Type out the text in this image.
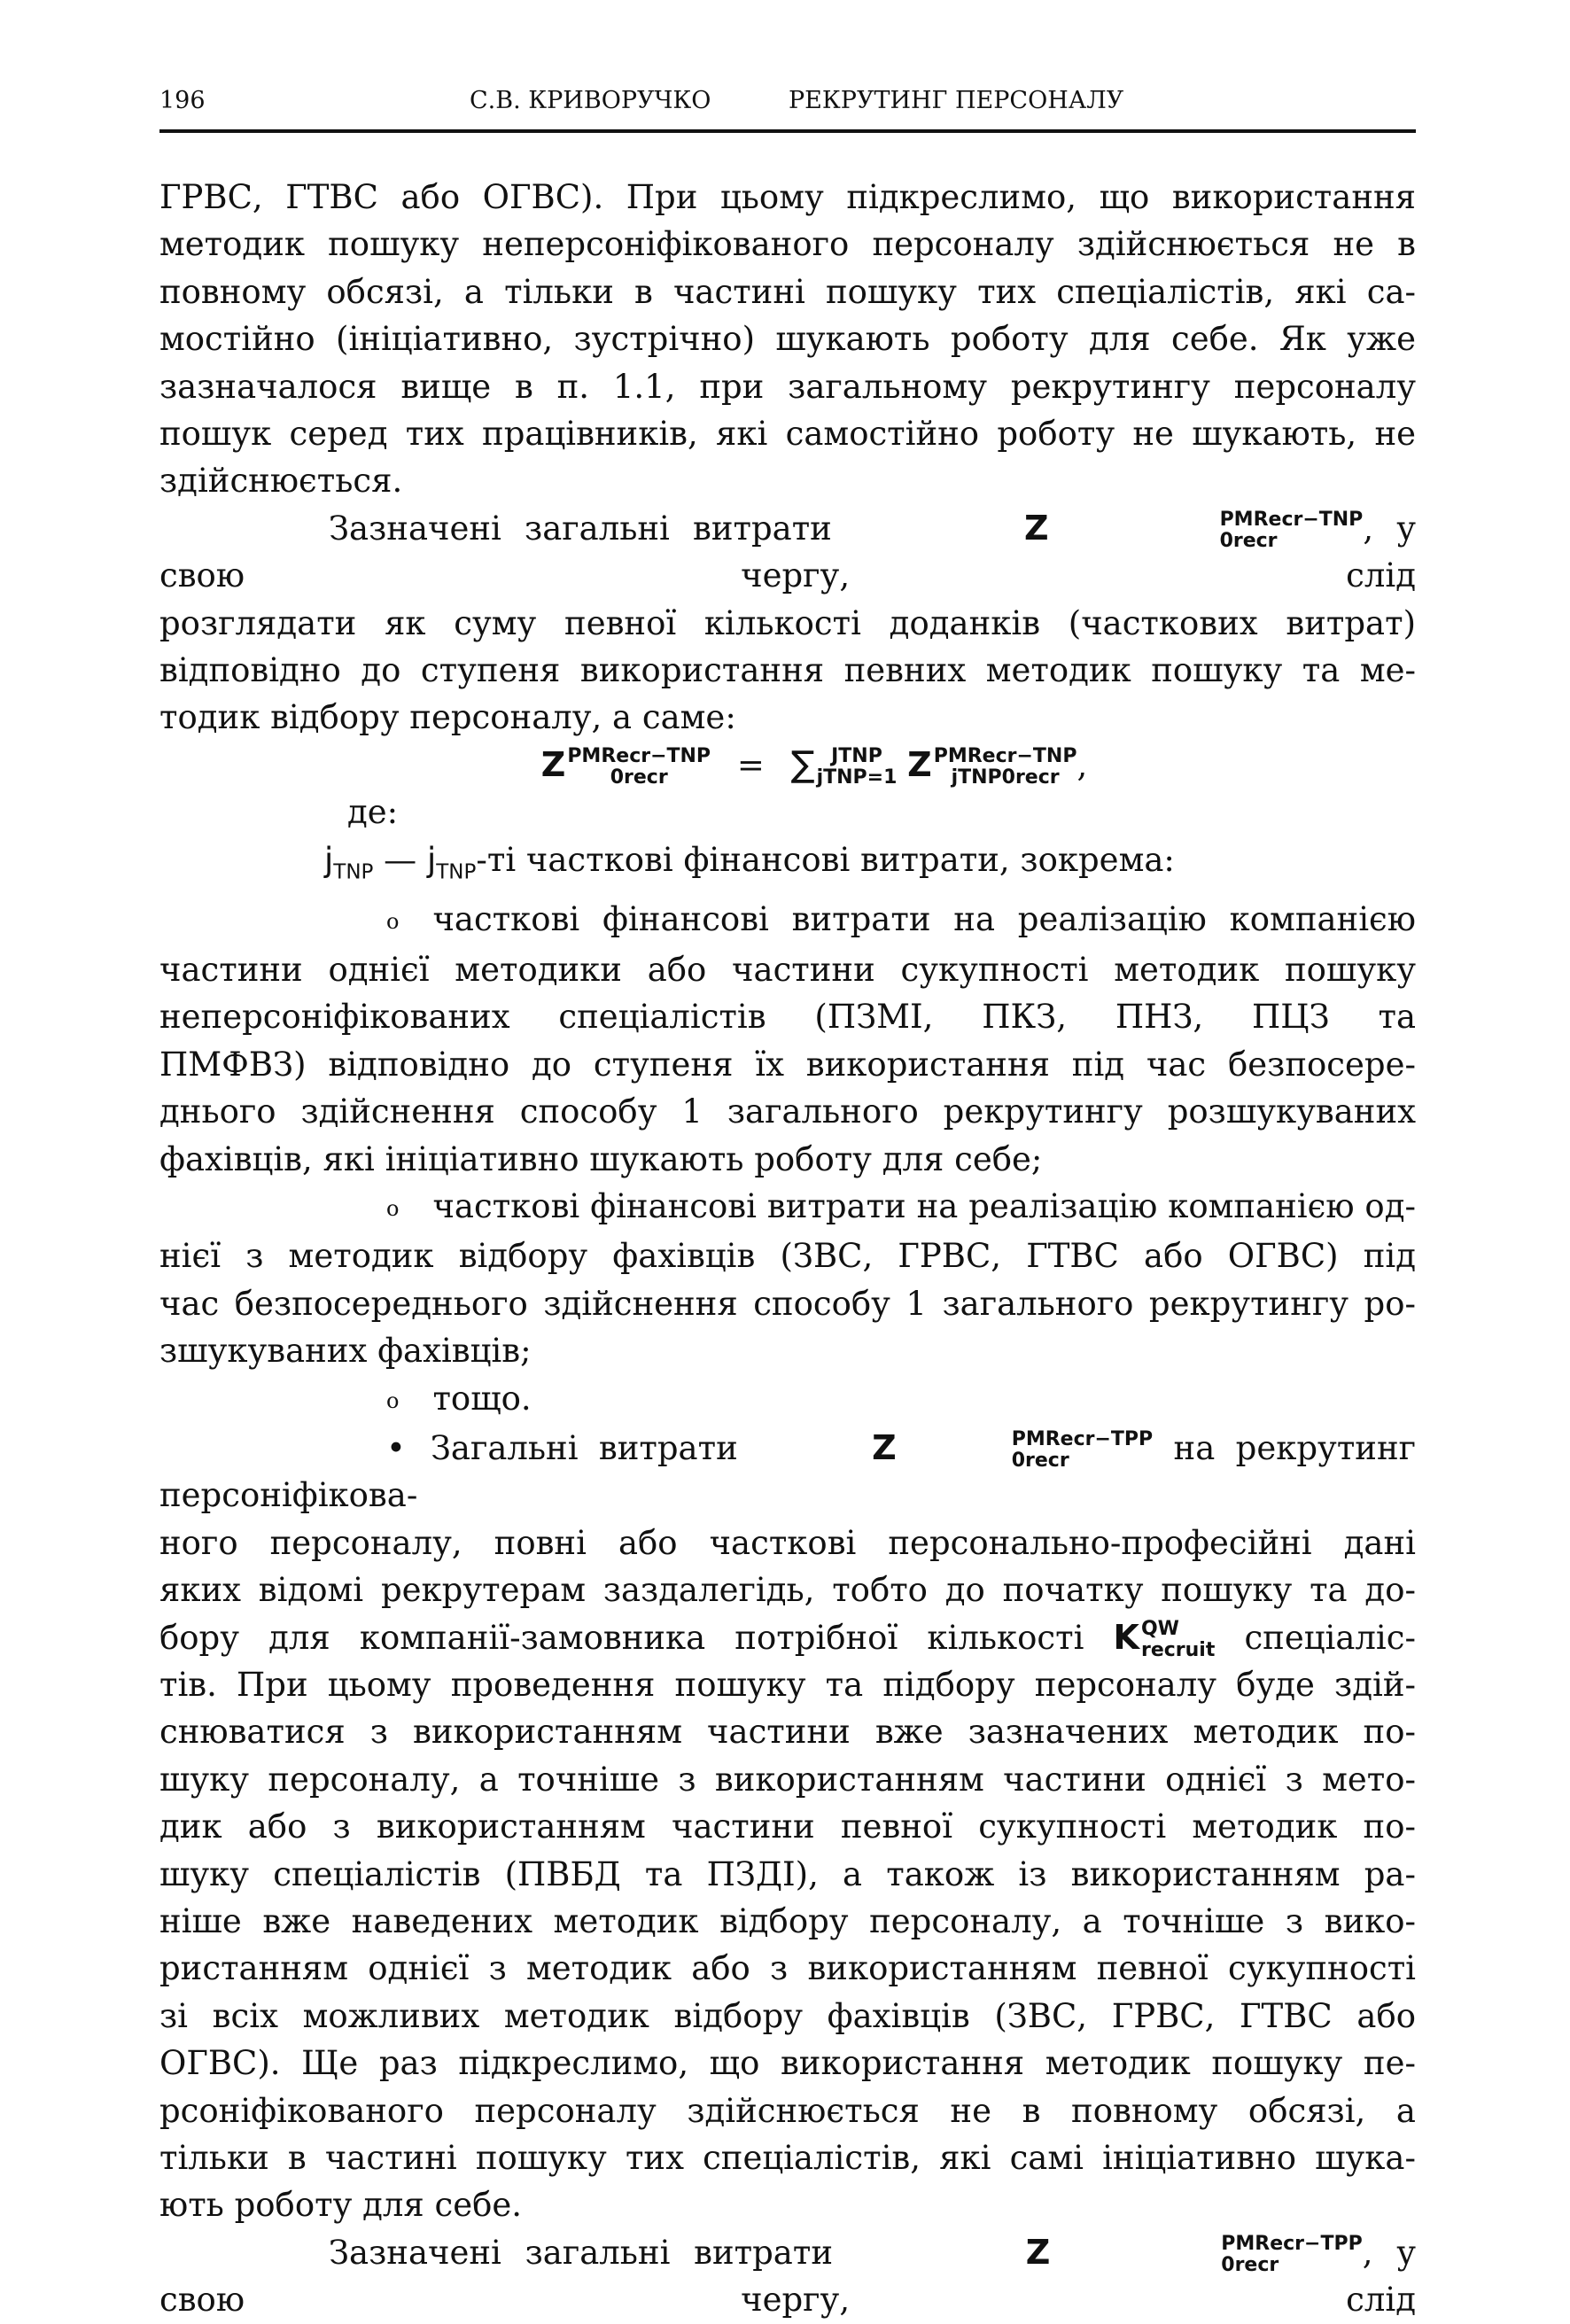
196	С.В. КРИВОРУЧКО	РЕКРУТИНГ ПЕРСОНАЛУ

ГРВС, ГТВС або ОГВС). При цьому підкреслимо, що використання

методик пошуку неперсоніфікованого персоналу здійснюється не в

повному обсязі, а тільки в частині пошуку тих спеціалістів, які са-

мостійно (ініціативно, зустрічно) шукають роботу для себе. Як уже

зазначалося вище в п. 1.1, при загальному рекрутингу персоналу

пошук серед тих працівників, які самостійно роботу не шукають, не

здійснюється.

Зазначені загальні витрати	Z	PMRecr−TNP
0recr	, у свою чергу, слід

розглядати як суму певної кількості доданків (часткових витрат)

відповідно до ступеня використання певних методик пошуку та ме-

тодик відбору персоналу, а саме:

Z PMRecr−TNP
0recr	= ∑ JTNP
jTNP=1 Z PMRecr−TNP
jTNP0recr ,

де:

$j_{TNP}$ — $j_{TNP}-ті$ часткові фінансові витрати, зокрема:

o часткові фінансові витрати на реалізацію компанією

частини однієї методики або частини сукупності методик пошуку

неперсоніфікованих спеціалістів (ПЗМІ, ПКЗ, ПНЗ, ПЦЗ та

ПМФВЗ) відповідно до ступеня їх використання під час безпосере-

днього здійснення способу 1 загального рекрутингу розшукуваних

фахівців, які ініціативно шукають роботу для себе;

o часткові фінансові витрати на реалізацію компанією од-

нієї з методик відбору фахівців (ЗВС, ГРВС, ГТВС або ОГВС) під

час безпосереднього здійснення способу 1 загального рекрутингу ро-

зшукуваних фахівців;

o тощо.

• Загальні витрати	Z	PMRecr−TPP
0recr	на рекрутинг персоніфікова-

ного персоналу, повні або часткові персонально-професійні дані

яких відомі рекрутерам заздалегідь, тобто до початку пошуку та до-

бору для компанії-замовника потрібної кількості K QW
recruit спеціаліс-

тів. При цьому проведення пошуку та підбору персоналу буде здій-

снюватися з використанням частини вже зазначених методик по-

шуку персоналу, а точніше з використанням частини однієї з мето-

дик або з використанням частини певної сукупності методик по-

шуку спеціалістів (ПВБД та ПЗДІ), а також із використанням ра-

ніше вже наведених методик відбору персоналу, а точніше з вико-

ристанням однієї з методик або з використанням певної сукупності

зі всіх можливих методик відбору фахівців (ЗВС, ГРВС, ГТВС або

ОГВС). Ще раз підкреслимо, що використання методик пошуку пе-

рсоніфікованого персоналу здійснюється не в повному обсязі, а

тільки в частині пошуку тих спеціалістів, які самі ініціативно шука-

ють роботу для себе.

Зазначені загальні витрати	Z	PMRecr−TPP
0recr	, у свою чергу, слід
